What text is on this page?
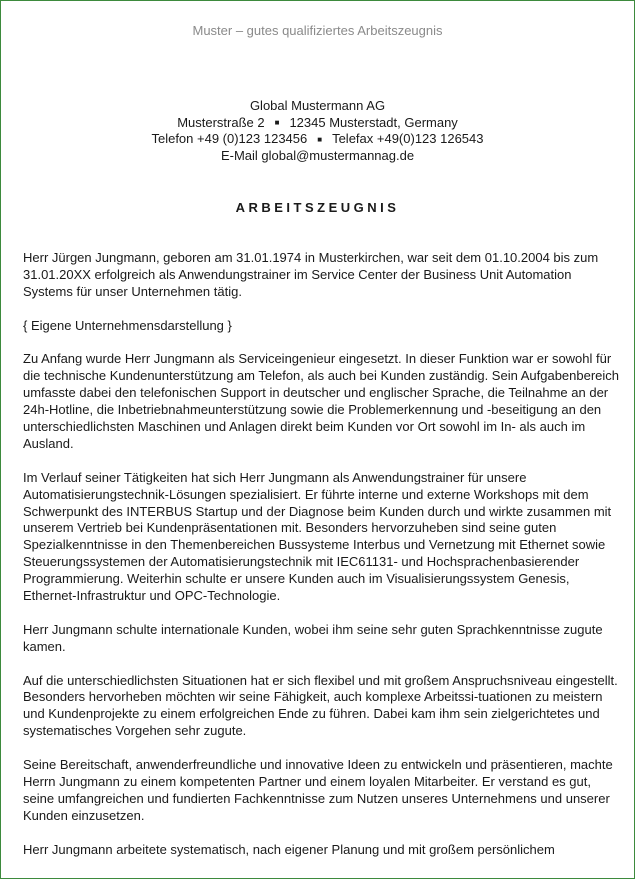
Muster – gutes qualifiziertes Arbeitszeugnis
Global Mustermann AG
Musterstraße 2 ■ 12345 Musterstadt, Germany
Telefon +49 (0)123 123456 ■ Telefax +49(0)123 126543
E-Mail global@mustermannag.de
ARBEITSZEUGNIS

Herr Jürgen Jungmann, geboren am 31.01.1974 in Musterkirchen, war seit dem 01.10.2004 bis zum 31.01.20XX erfolgreich als Anwendungstrainer im Service Center der Business Unit Automation Systems für unser Unternehmen tätig.

{ Eigene Unternehmensdarstellung }

Zu Anfang wurde Herr Jungmann als Serviceingenieur eingesetzt. In dieser Funktion war er sowohl für die technische Kundenunterstützung am Telefon, als auch bei Kunden zuständig. Sein Aufgabenbereich umfasste dabei den telefonischen Support in deutscher und englischer Sprache, die Teilnahme an der 24h-Hotline, die Inbetriebnahmeunterstützung sowie die Problemerkennung und -beseitigung an den unterschiedlichsten Maschinen und Anlagen direkt beim Kunden vor Ort sowohl im In- als auch im Ausland.

Im Verlauf seiner Tätigkeiten hat sich Herr Jungmann als Anwendungstrainer für unsere Automatisierungstechnik-Lösungen spezialisiert. Er führte interne und externe Workshops mit dem Schwerpunkt des INTERBUS Startup und der Diagnose beim Kunden durch und wirkte zusammen mit unserem Vertrieb bei Kundenpräsentationen mit. Besonders hervorzuheben sind seine guten Spezialkenntnisse in den Themenbereichen Bussysteme Interbus und Vernetzung mit Ethernet sowie Steuerungssystemen der Automatisierungstechnik mit IEC61131- und Hochsprachenbasierender Programmierung. Weiterhin schulte er unsere Kunden auch im Visualisierungssystem Genesis, Ethernet-Infrastruktur und OPC-Technologie.

Herr Jungmann schulte internationale Kunden, wobei ihm seine sehr guten Sprachkenntnisse zugute kamen.

Auf die unterschiedlichsten Situationen hat er sich flexibel und mit großem Anspruchsniveau eingestellt. Besonders hervorheben möchten wir seine Fähigkeit, auch komplexe Arbeitssi-tuationen zu meistern und Kundenprojekte zu einem erfolgreichen Ende zu führen. Dabei kam ihm sein zielgerichtetes und systematisches Vorgehen sehr zugute.

Seine Bereitschaft, anwenderfreundliche und innovative Ideen zu entwickeln und präsentieren, machte Herrn Jungmann zu einem kompetenten Partner und einem loyalen Mitarbeiter. Er verstand es gut, seine umfangreichen und fundierten Fachkenntnisse zum Nutzen unseres Unternehmens und unserer Kunden einzusetzen.

Herr Jungmann arbeitete systematisch, nach eigener Planung und mit großem persönlichem
